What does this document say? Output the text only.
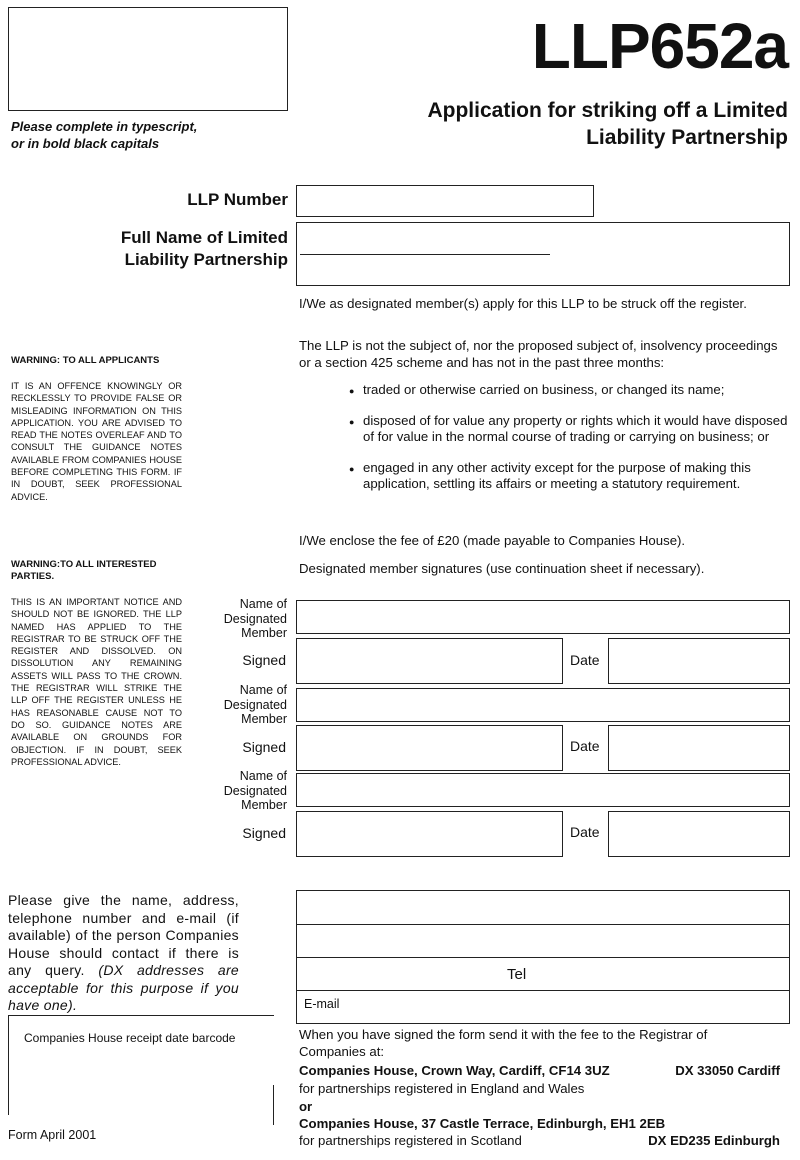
LLP652a
Application for striking off a Limited
Liability Partnership
Please complete in typescript,
or in bold black capitals
LLP Number
Full Name of Limited
Liability Partnership
I/We as designated member(s) apply for this LLP to be struck off the register.
The LLP is not the subject of, nor the proposed subject of, insolvency proceedings or a section 425 scheme and has not in the past three months:
● traded or otherwise carried on business, or changed its name;
● disposed of for value any property or rights which it would have disposed of for value in the normal course of trading or carrying on business; or
● engaged in any other activity except for the purpose of making this application, settling its affairs or meeting a statutory requirement.
I/We enclose the fee of £20 (made payable to Companies House).
Designated member signatures (use continuation sheet if necessary).
WARNING: TO ALL APPLICANTS
IT IS AN OFFENCE KNOWINGLY OR RECKLESSLY TO PROVIDE FALSE OR MISLEADING INFORMATION ON THIS APPLICATION. YOU ARE ADVISED TO READ THE NOTES OVERLEAF AND TO CONSULT THE GUIDANCE NOTES AVAILABLE FROM COMPANIES HOUSE BEFORE COMPLETING THIS FORM. IF IN DOUBT, SEEK PROFESSIONAL ADVICE.
WARNING:TO ALL INTERESTED
PARTIES.
THIS IS AN IMPORTANT NOTICE AND SHOULD NOT BE IGNORED. THE LLP NAMED HAS APPLIED TO THE REGISTRAR TO BE STRUCK OFF THE REGISTER AND DISSOLVED. ON DISSOLUTION ANY REMAINING ASSETS WILL PASS TO THE CROWN. THE REGISTRAR WILL STRIKE THE LLP OFF THE REGISTER UNLESS HE HAS REASONABLE CAUSE NOT TO DO SO. GUIDANCE NOTES ARE AVAILABLE ON GROUNDS FOR OBJECTION. IF IN DOUBT, SEEK PROFESSIONAL ADVICE.
Name of
Designated
Member
Signed	Date
Name of
Designated
Member
Signed	Date
Name of
Designated
Member
Signed	Date
Please give the name, address, telephone number and e-mail (if available) of the person Companies House should contact if there is any query. (DX addresses are acceptable for this purpose if you have one).
Tel
E-mail
Companies House receipt date barcode
Form April 2001
When you have signed the form send it with the fee to the Registrar of Companies at:
Companies House, Crown Way, Cardiff, CF14 3UZ	DX 33050 Cardiff
for partnerships registered in England and Wales
or
Companies House, 37 Castle Terrace, Edinburgh, EH1 2EB
for partnerships registered in Scotland	DX ED235 Edinburgh
